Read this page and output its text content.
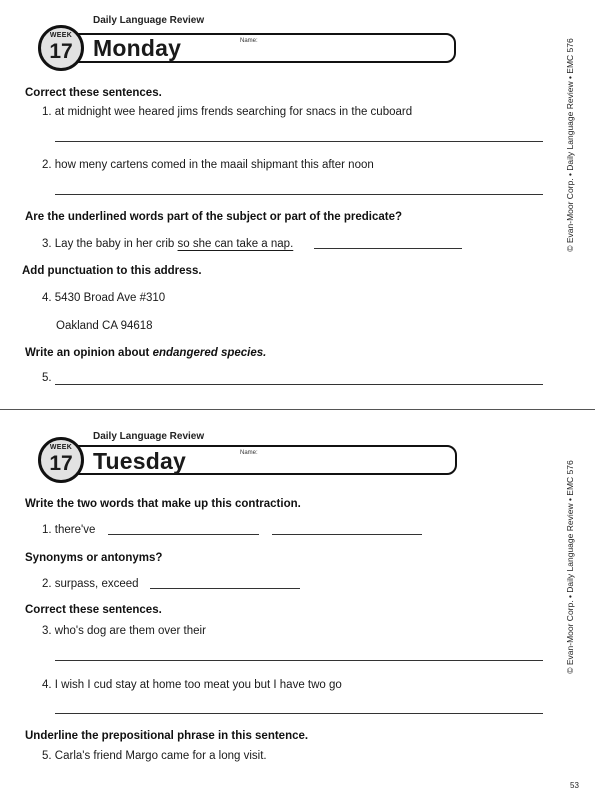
Daily Language Review
Name:
WEEK
17 Monday
Correct these sentences.
1. at midnight wee heared jims frends searching for snacs in the cuboard
2. how meny cartens comed in the maail shipmant this after noon
Are the underlined words part of the subject or part of the predicate?
3. Lay the baby in her crib so she can take a nap.
Add punctuation to this address.
4. 5430 Broad Ave #310
Oakland CA 94618
Write an opinion about endangered species.
5.
Daily Language Review
Name:
WEEK
17 Tuesday
Write the two words that make up this contraction.
1. there've
Synonyms or antonyms?
2. surpass, exceed
Correct these sentences.
3. who's dog are them over their
4. I wish I cud stay at home too meat you but I have two go
Underline the prepositional phrase in this sentence.
5. Carla's friend Margo came for a long visit.
© Evan-Moor Corp. • Daily Language Review • EMC 576
© Evan-Moor Corp. • Daily Language Review • EMC 576
53
